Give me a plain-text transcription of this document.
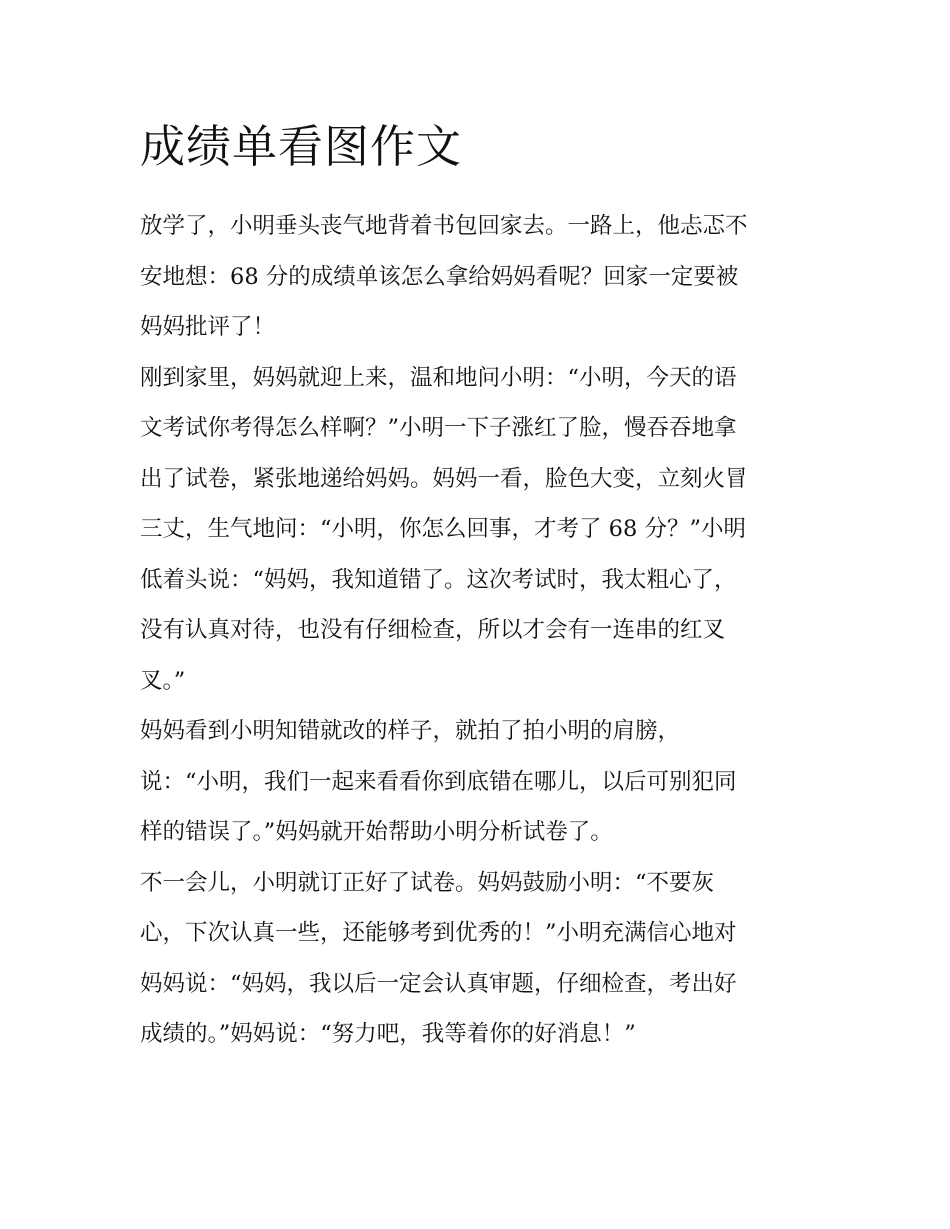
成绩单看图作文
放学了，小明垂头丧气地背着书包回家去。一路上，他忐忑不
安地想：68 分的成绩单该怎么拿给妈妈看呢？回家一定要被
妈妈批评了！
刚到家里，妈妈就迎上来，温和地问小明：“小明，今天的语
文考试你考得怎么样啊？”小明一下子涨红了脸，慢吞吞地拿
出了试卷，紧张地递给妈妈。妈妈一看，脸色大变，立刻火冒
三丈，生气地问：“小明，你怎么回事，才考了 68 分？”小明
低着头说：“妈妈，我知道错了。这次考试时，我太粗心了，
没有认真对待，也没有仔细检查，所以才会有一连串的红叉
叉。”
妈妈看到小明知错就改的样子，就拍了拍小明的肩膀，
说：“小明，我们一起来看看你到底错在哪儿，以后可别犯同
样的错误了。”妈妈就开始帮助小明分析试卷了。
不一会儿，小明就订正好了试卷。妈妈鼓励小明：“不要灰
心，下次认真一些，还能够考到优秀的！”小明充满信心地对
妈妈说：“妈妈，我以后一定会认真审题，仔细检查，考出好
成绩的。”妈妈说：“努力吧，我等着你的好消息！”
